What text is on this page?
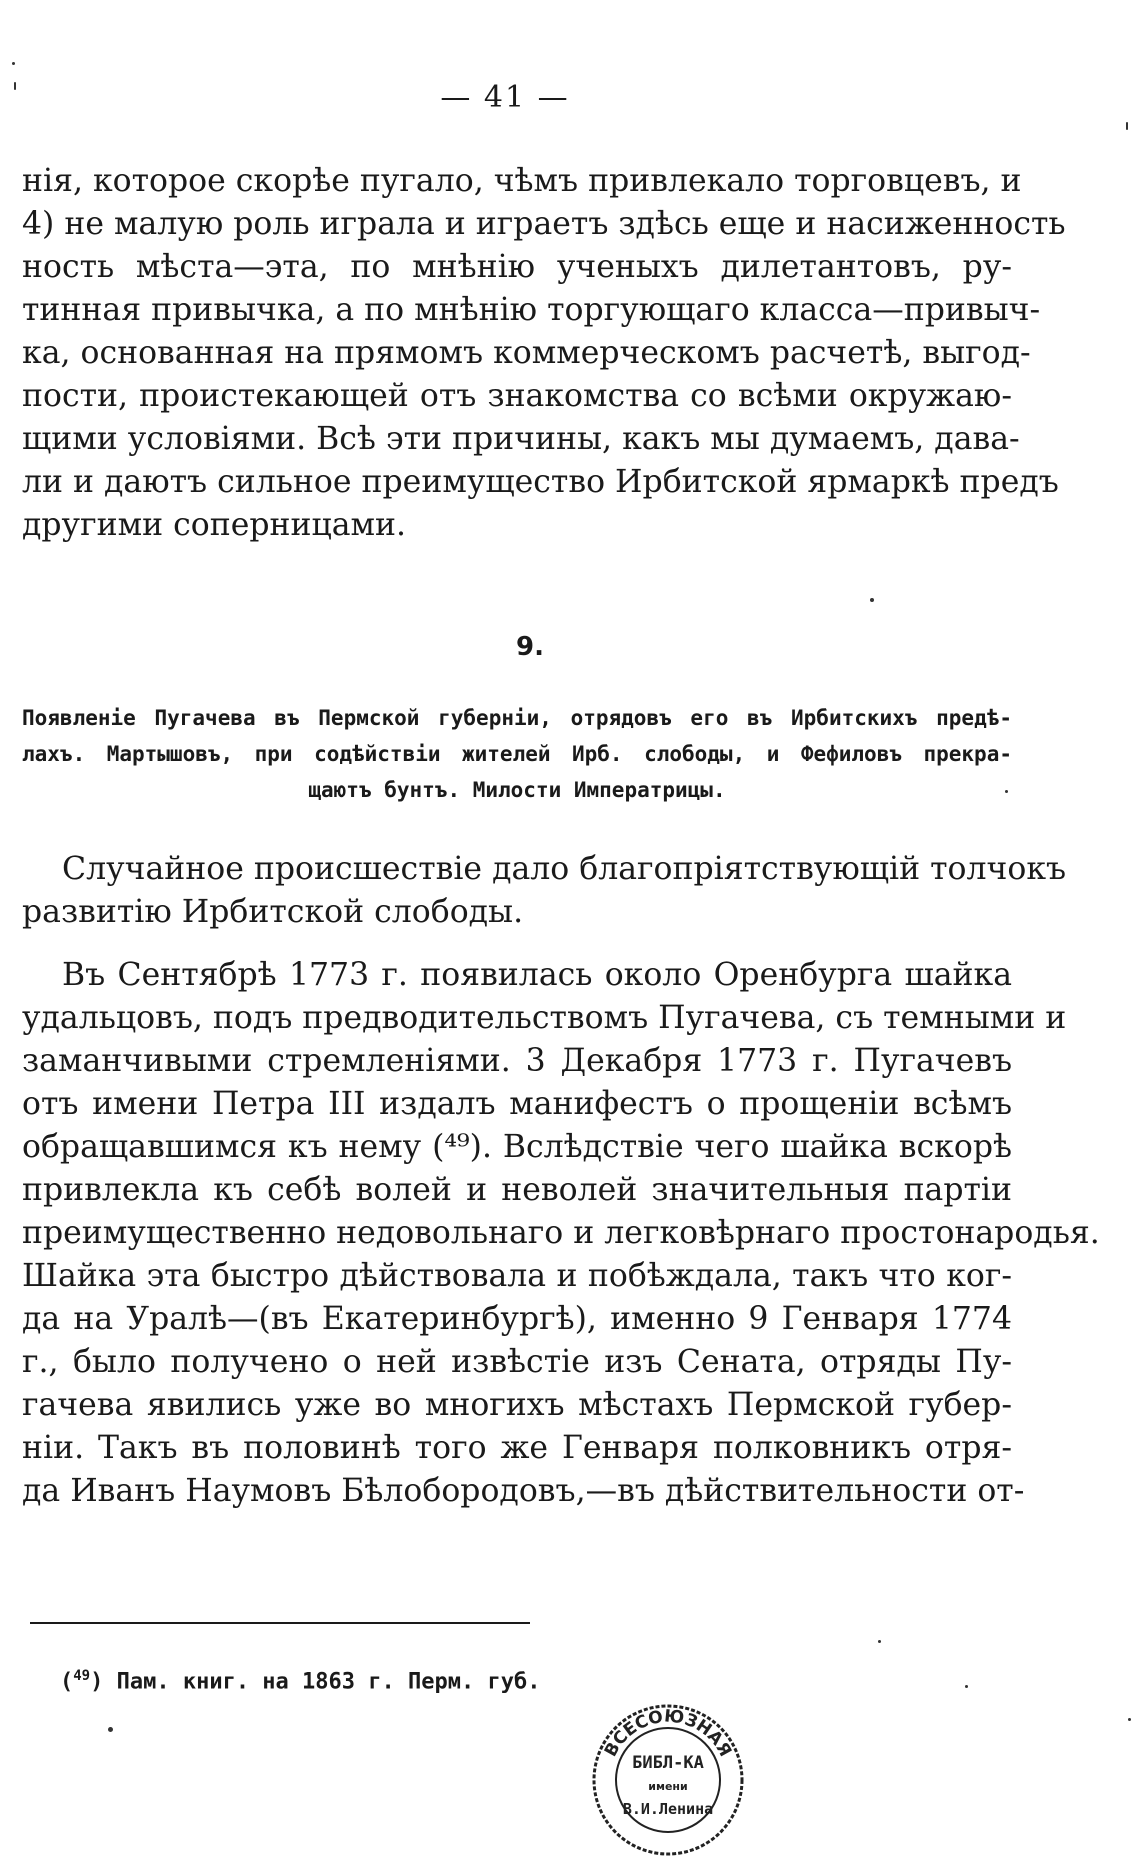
— 41 —
нія, которое скорѣе пугало, чѣмъ привлекало торговцевъ, и
4) не малую роль играла и играетъ здѣсь еще и насиженность
ность мѣста—эта, по мнѣнію ученыхъ дилетантовъ, ру-
тинная привычка, а по мнѣнію торгующаго класса—привыч-
ка, основанная на прямомъ коммерческомъ расчетѣ, выгод-
пости, проистекающей отъ знакомства со всѣми окружаю-
щими условіями. Всѣ эти причины, какъ мы думаемъ, дава-
ли и даютъ сильное преимущество Ирбитской ярмаркѣ предъ
другими соперницами.
9.
Появленіе Пугачева въ Пермской губерніи, отрядовъ его въ Ирбитскихъ предѣ-
лахъ. Мартышовъ, при содѣйствіи жителей Ирб. слободы, и Фефиловъ прекра-
щаютъ бунтъ. Милости Императрицы.
Случайное происшествіе дало благопріятствующій толчокъ
развитію Ирбитской слободы.
Въ Сентябрѣ 1773 г. появилась около Оренбурга шайка
удальцовъ, подъ предводительствомъ Пугачева, съ темными и
заманчивыми стремленіями. 3 Декабря 1773 г. Пугачевъ
отъ имени Петра III издалъ манифестъ о прощеніи всѣмъ
обращавшимся къ нему (⁴⁹). Вслѣдствіе чего шайка вскорѣ
привлекла къ себѣ волей и неволей значительныя партіи
преимущественно недовольнаго и легковѣрнаго простонародья.
Шайка эта быстро дѣйствовала и побѣждала, такъ что ког-
да на Уралѣ—(въ Екатеринбургѣ), именно 9 Генваря 1774
г., было получено о ней извѣстіе изъ Сената, отряды Пу-
гачева явились уже во многихъ мѣстахъ Пермской губер-
ніи. Такъ въ половинѣ того же Генваря полковникъ отря-
да Иванъ Наумовъ Бѣлобородовъ,—въ дѣйствительности от-
($^{49}$) Пам. книг. на 1863 г. Перм. губ.
ВСЕСОЮЗНАЯ
БИБЛ-КА
имени
В.И.Ленина
